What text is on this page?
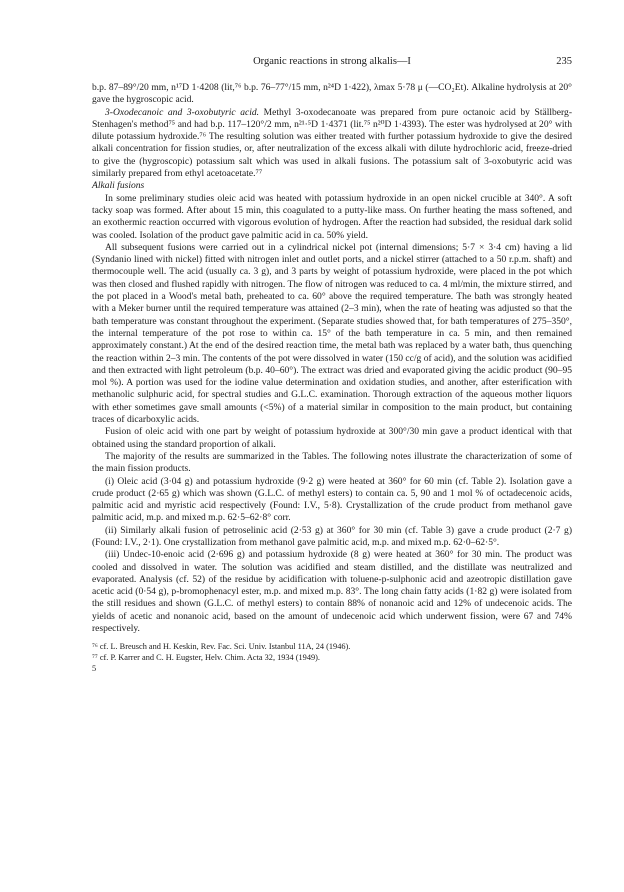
Organic reactions in strong alkalis—I	235

b.p. 87–89°/20 mm, n¹⁷D 1·4208 (lit,⁷⁶ b.p. 76–77°/15 mm, n²⁴D 1·422), λmax 5·78 μ (—CO₂Et). Alkaline hydrolysis at 20° gave the hygroscopic acid.

3-Oxodecanoic and 3-oxobutyric acid. Methyl 3-oxodecanoate was prepared from pure octanoic acid by Ställberg-Stenhagen's method⁷⁵ and had b.p. 117–120°/2 mm, n²¹·⁵D 1·4371 (lit.⁷⁵ n²⁰D 1·4393). The ester was hydrolysed at 20° with dilute potassium hydroxide.⁷⁶ The resulting solution was either treated with further potassium hydroxide to give the desired alkali concentration for fission studies, or, after neutralization of the excess alkali with dilute hydrochloric acid, freeze-dried to give the (hygroscopic) potassium salt which was used in alkali fusions. The potassium salt of 3-oxobutyric acid was similarly prepared from ethyl acetoacetate.⁷⁷

Alkali fusions

In some preliminary studies oleic acid was heated with potassium hydroxide in an open nickel crucible at 340°. A soft tacky soap was formed. After about 15 min, this coagulated to a putty-like mass. On further heating the mass softened, and an exothermic reaction occurred with vigorous evolution of hydrogen. After the reaction had subsided, the residual dark solid was cooled. Isolation of the product gave palmitic acid in ca. 50% yield.

All subsequent fusions were carried out in a cylindrical nickel pot (internal dimensions; 5·7 × 3·4 cm) having a lid (Syndanio lined with nickel) fitted with nitrogen inlet and outlet ports, and a nickel stirrer (attached to a 50 r.p.m. shaft) and thermocouple well. The acid (usually ca. 3 g), and 3 parts by weight of potassium hydroxide, were placed in the pot which was then closed and flushed rapidly with nitrogen. The flow of nitrogen was reduced to ca. 4 ml/min, the mixture stirred, and the pot placed in a Wood's metal bath, preheated to ca. 60° above the required temperature. The bath was strongly heated with a Meker burner until the required temperature was attained (2–3 min), when the rate of heating was adjusted so that the bath temperature was constant throughout the experiment. (Separate studies showed that, for bath temperatures of 275–350°, the internal temperature of the pot rose to within ca. 15° of the bath temperature in ca. 5 min, and then remained approximately constant.) At the end of the desired reaction time, the metal bath was replaced by a water bath, thus quenching the reaction within 2–3 min. The contents of the pot were dissolved in water (150 cc/g of acid), and the solution was acidified and then extracted with light petroleum (b.p. 40–60°). The extract was dried and evaporated giving the acidic product (90–95 mol %). A portion was used for the iodine value determination and oxidation studies, and another, after esterification with methanolic sulphuric acid, for spectral studies and G.L.C. examination. Thorough extraction of the aqueous mother liquors with ether sometimes gave small amounts (<5%) of a material similar in composition to the main product, but containing traces of dicarboxylic acids.

Fusion of oleic acid with one part by weight of potassium hydroxide at 300°/30 min gave a product identical with that obtained using the standard proportion of alkali.

The majority of the results are summarized in the Tables. The following notes illustrate the characterization of some of the main fission products.

(i) Oleic acid (3·04 g) and potassium hydroxide (9·2 g) were heated at 360° for 60 min (cf. Table 2). Isolation gave a crude product (2·65 g) which was shown (G.L.C. of methyl esters) to contain ca. 5, 90 and 1 mol % of octadecenoic acids, palmitic acid and myristic acid respectively (Found: I.V., 5·8). Crystallization of the crude product from methanol gave palmitic acid, m.p. and mixed m.p. 62·5–62·8° corr.

(ii) Similarly alkali fusion of petroselinic acid (2·53 g) at 360° for 30 min (cf. Table 3) gave a crude product (2·7 g) (Found: I.V., 2·1). One crystallization from methanol gave palmitic acid, m.p. and mixed m.p. 62·0–62·5°.

(iii) Undec-10-enoic acid (2·696 g) and potassium hydroxide (8 g) were heated at 360° for 30 min. The product was cooled and dissolved in water. The solution was acidified and steam distilled, and the distillate was neutralized and evaporated. Analysis (cf. 52) of the residue by acidification with toluene-p-sulphonic acid and azeotropic distillation gave acetic acid (0·54 g), p-bromophenacyl ester, m.p. and mixed m.p. 83°. The long chain fatty acids (1·82 g) were isolated from the still residues and shown (G.L.C. of methyl esters) to contain 88% of nonanoic acid and 12% of undecenoic acids. The yields of acetic and nonanoic acid, based on the amount of undecenoic acid which underwent fission, were 67 and 74% respectively.

⁷⁶ cf. L. Breusch and H. Keskin, Rev. Fac. Sci. Univ. Istanbul 11A, 24 (1946).

⁷⁷ cf. P. Karrer and C. H. Eugster, Helv. Chim. Acta 32, 1934 (1949).

5
